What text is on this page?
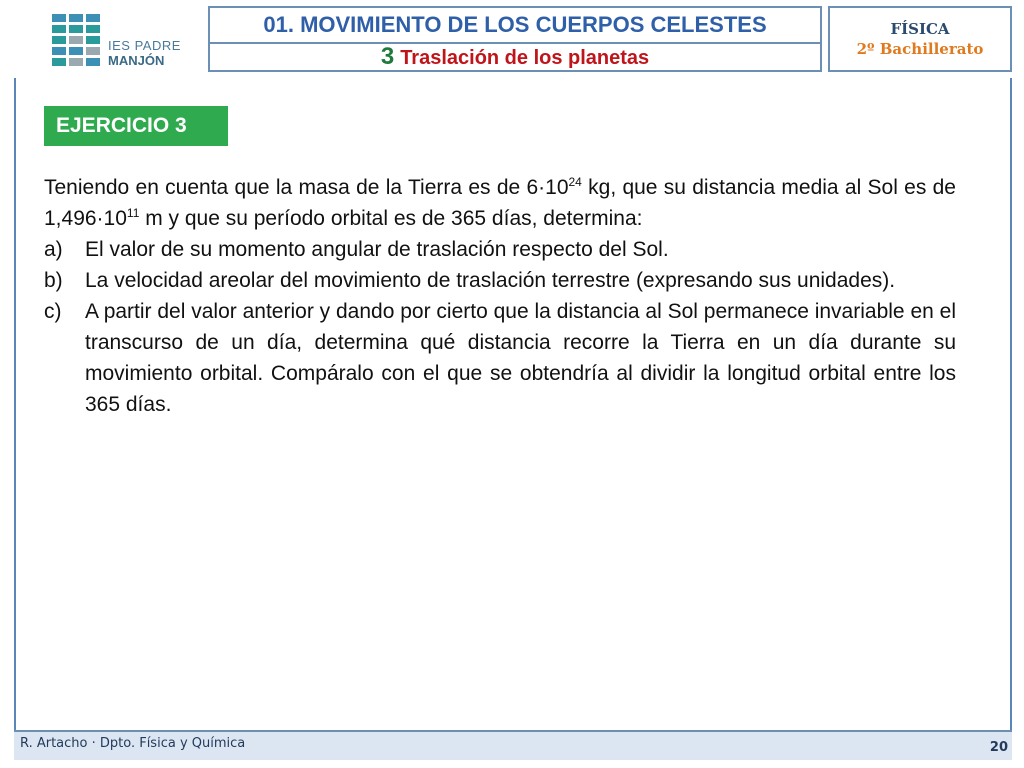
IES PADRE
MANJÓN
01. MOVIMIENTO DE LOS CUERPOS CELESTES
3 Traslación de los planetas
FÍSICA
2º Bachillerato
EJERCICIO 3

Teniendo en cuenta que la masa de la Tierra es de $6\cdot 10^{24}$ kg, que su distancia media al Sol es de $1,496\cdot 10^{11}$ m y que su período orbital es de 365 días, determina:

a) El valor de su momento angular de traslación respecto del Sol.
b) La velocidad areolar del movimiento de traslación terrestre (expresando sus unidades).
c) A partir del valor anterior y dando por cierto que la distancia al Sol permanece invariable en el transcurso de un día, determina qué distancia recorre la Tierra en un día durante su movimiento orbital. Compáralo con el que se obtendría al dividir la longitud orbital entre los 365 días.
R. Artacho · Dpto. Física y Química	20
